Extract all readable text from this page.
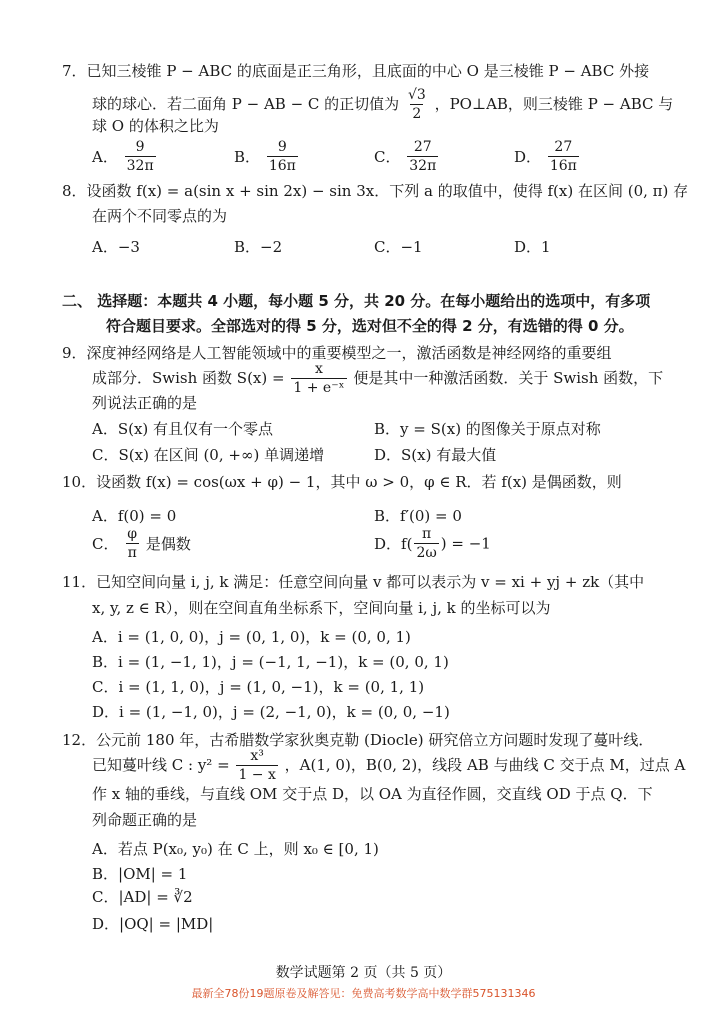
7．已知三棱锥 P − ABC 的底面是正三角形，且底面的中心 O 是三棱锥 P − ABC 外接
球的球心．若二面角 P − AB − C 的正切值为 $\frac{√3}{2}$ ，PO⊥AB，则三棱锥 P − ABC 与
球 O 的体积之比为
A． $\frac{9}{32\pi}$	B． $\frac{9}{16\pi}$	C． $\frac{27}{32\pi}$	D． $\frac{27}{16\pi}$
8．设函数 f(x) = a(sin x + sin 2x) − sin 3x．下列 a 的取值中，使得 f(x) 在区间 (0, π) 存
在两个不同零点的为
A．−3	B．−2	C．−1	D．1
二、 选择题：本题共 4 小题，每小题 5 分，共 20 分。在每小题给出的选项中，有多项
符合题目要求。全部选对的得 5 分，选对但不全的得 2 分，有选错的得 0 分。
9．深度神经网络是人工智能领域中的重要模型之一，激活函数是神经网络的重要组
成部分．Swish 函数 $S(x) = \frac{x}{\text{1 + e⁻ˣ}}$ 便是其中一种激活函数．关于 Swish 函数，下
列说法正确的是
A．S(x) 有且仅有一个零点	B．y = S(x) 的图像关于原点对称
C．S(x) 在区间 (0, +∞) 单调递增	D．S(x) 有最大值
10．设函数 f(x) = cos(ωx + φ) − 1，其中 ω > 0，φ ∈ R．若 f(x) 是偶函数，则
A．f(0) = 0	B．f′(0) = 0
C． $\frac{\varphi}{\pi}$ 是偶数	D．$f( \frac{\pi}{2\omega}$ ) = −1
11．已知空间向量 i, j, k 满足：任意空间向量 v 都可以表示为 v = xi + yj + zk（其中
x, y, z ∈ R），则在空间直角坐标系下，空间向量 i, j, k 的坐标可以为
A．i = (1, 0, 0)，j = (0, 1, 0)，k = (0, 0, 1)
B．i = (1, −1, 1)，j = (−1, 1, −1)，k = (0, 0, 1)
C．i = (1, 1, 0)，j = (1, 0, −1)，k = (0, 1, 1)
D．i = (1, −1, 0)，j = (2, −1, 0)，k = (0, 0, −1)
12．公元前 180 年，古希腊数学家狄奥克勒 (Diocle) 研究倍立方问题时发现了蔓叶线．
已知蔓叶线 C : $y^2 = \frac{\text{x³}}{1 - x}$ ，A(1, 0)，B(0, 2)，线段 AB 与曲线 C 交于点 M，过点 A
作 x 轴的垂线，与直线 OM 交于点 D，以 OA 为直径作圆，交直线 OD 于点 Q．下
列命题正确的是
A．若点 P(x₀, y₀) 在 C 上，则 x₀ ∈ [0, 1)
B．|OM| = 1
C．|AD| = ∛2
D．|OQ| = |MD|
数学试题第 2 页（共 5 页）
最新全78份19题原卷及解答见：免费高考数学高中数学群575131346
